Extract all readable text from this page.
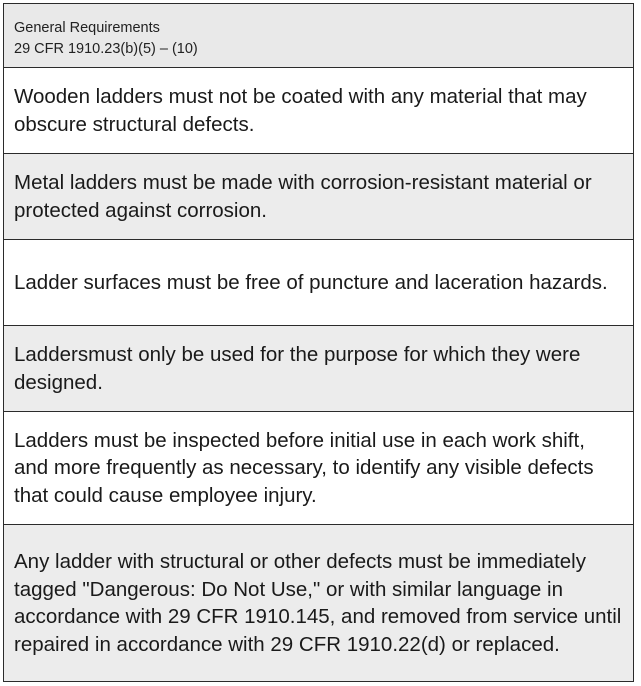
General Requirements
29 CFR 1910.23(b)(5) – (10)
Wooden ladders must not be coated with any material that may obscure structural defects.
Metal ladders must be made with corrosion-resistant material or protected against corrosion.
Ladder surfaces must be free of puncture and laceration hazards.
Laddersmust only be used for the purpose for which they were designed.
Ladders must be inspected before initial use in each work shift, and more frequently as necessary, to identify any visible defects that could cause employee injury.
Any ladder with structural or other defects must be immediately tagged "Dangerous: Do Not Use," or with similar language in accordance with 29 CFR 1910.145, and removed from service until repaired in accordance with 29 CFR 1910.22(d) or replaced.
